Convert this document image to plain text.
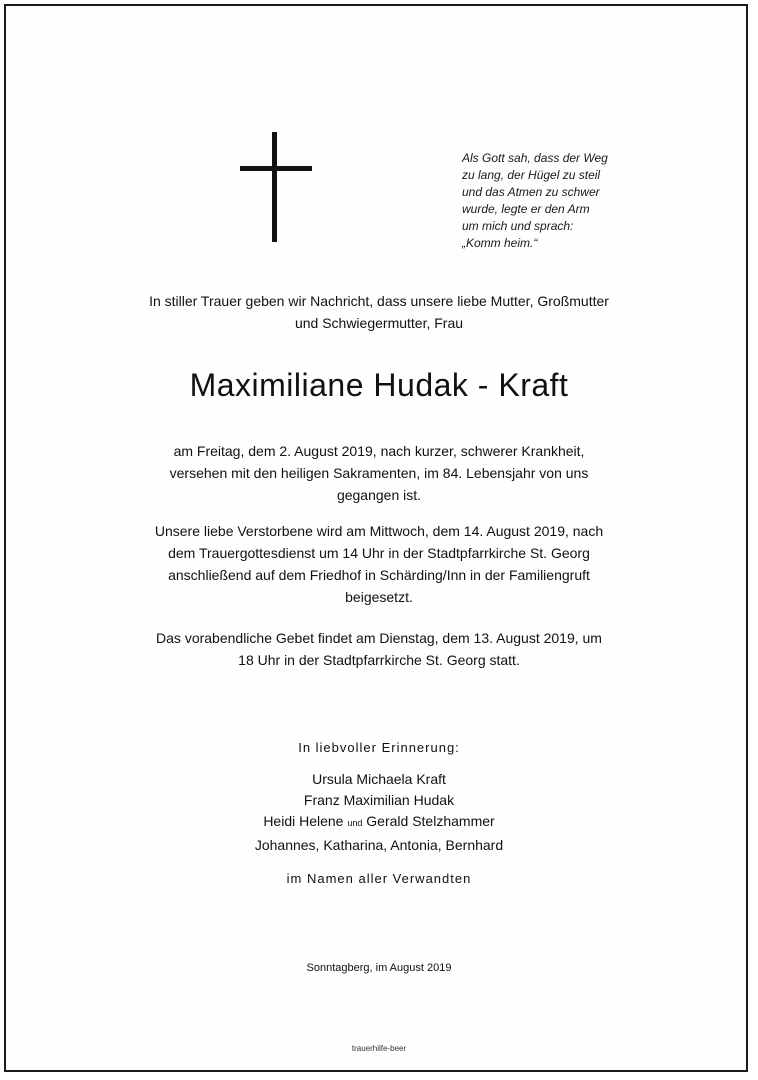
Als Gott sah, dass der Weg
zu lang, der Hügel zu steil
und das Atmen zu schwer
wurde, legte er den Arm
um mich und sprach:
„Komm heim.“
In stiller Trauer geben wir Nachricht, dass unsere liebe Mutter, Großmutter
und Schwiegermutter, Frau
Maximiliane Hudak - Kraft
am Freitag, dem 2. August 2019, nach kurzer, schwerer Krankheit,
versehen mit den heiligen Sakramenten, im 84. Lebensjahr von uns
gegangen ist.
Unsere liebe Verstorbene wird am Mittwoch, dem 14. August 2019, nach
dem Trauergottesdienst um 14 Uhr in der Stadtpfarrkirche St. Georg
anschließend auf dem Friedhof in Schärding/Inn in der Familiengruft
beigesetzt.
Das vorabendliche Gebet findet am Dienstag, dem 13. August 2019, um
18 Uhr in der Stadtpfarrkirche St. Georg statt.
In liebvoller Erinnerung:
Ursula Michaela Kraft
Franz Maximilian Hudak
Heidi Helene und Gerald Stelzhammer
Johannes, Katharina, Antonia, Bernhard
im Namen aller Verwandten
Sonntagberg, im August 2019
trauerhilfe-beer
